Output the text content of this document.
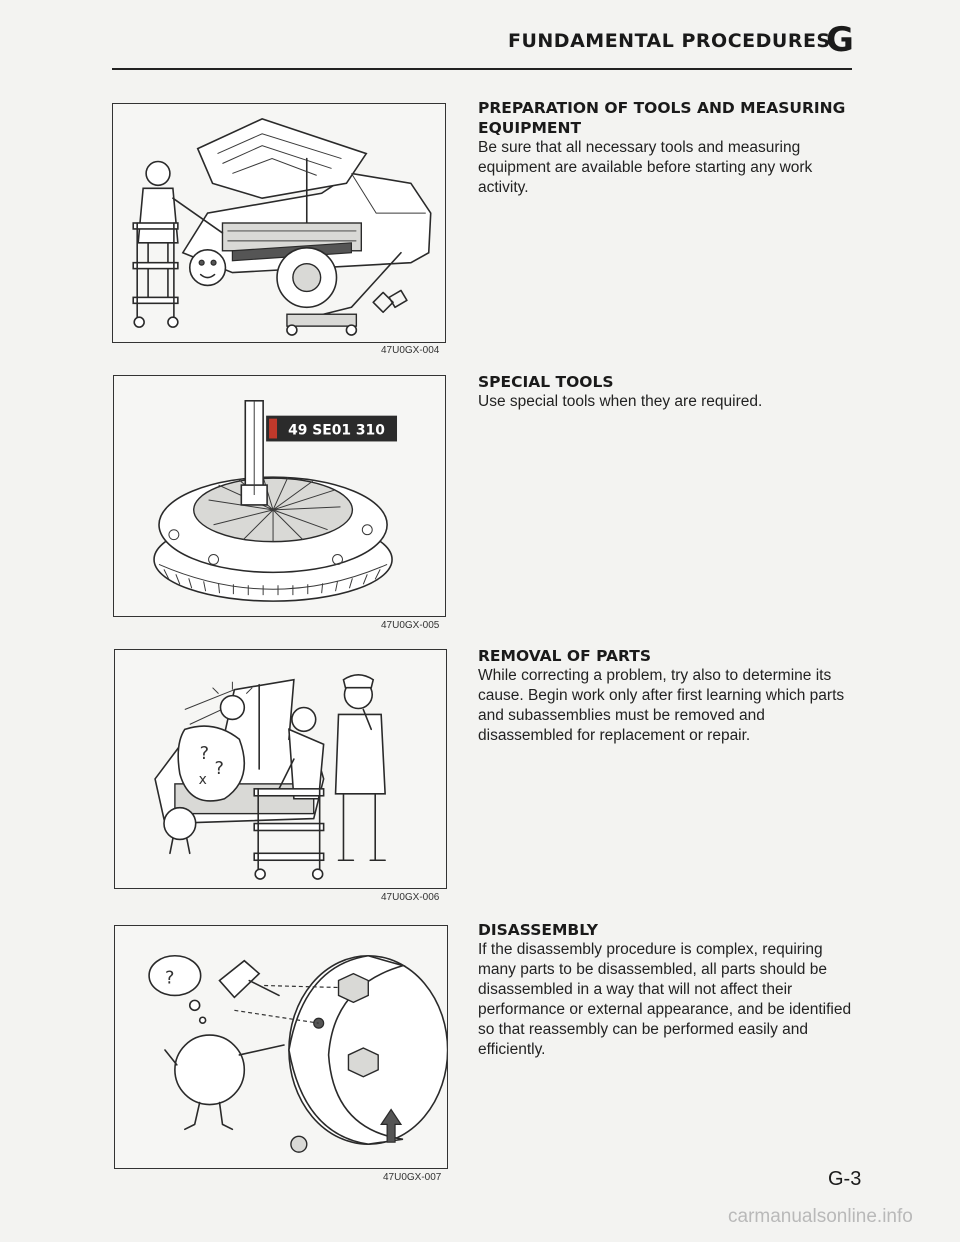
FUNDAMENTAL PROCEDURES
G
47U0GX-004
49 SE01 310
47U0GX-005
?
?
x
47U0GX-006
?
47U0GX-007
PREPARATION OF TOOLS AND MEASURING EQUIPMENT

Be sure that all necessary tools and measuring equipment are available before starting any work activity.

SPECIAL TOOLS

Use special tools when they are required.

REMOVAL OF PARTS

While correcting a problem, try also to determine its cause. Begin work only after first learning which parts and subassemblies must be removed and disassembled for replacement or repair.

DISASSEMBLY

If the disassembly procedure is complex, requiring many parts to be disassembled, all parts should be disassembled in a way that will not affect their performance or external appearance, and be identified so that reassembly can be performed easily and efficiently.

G-3
carmanualsonline.info
